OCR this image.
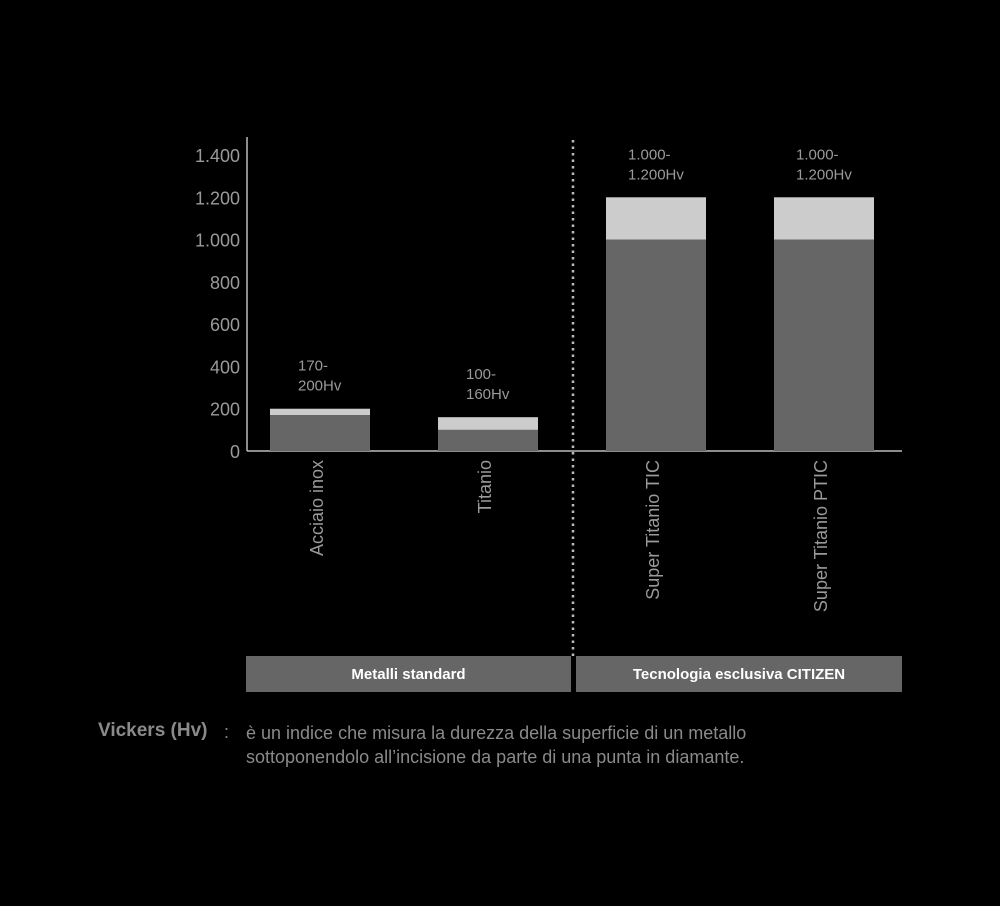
0
200
400
600
800
1.000
1.200
1.400
170-
200Hv
Acciaio inox
100-
160Hv
Titanio
1.000-
1.200Hv
Super Titanio TIC
1.000-
1.200Hv
Super Titanio PTIC
Metalli standard	Tecnologia esclusiva CITIZEN
Vickers (Hv) : è un indice che misura la durezza della superficie di un metallo
sottoponendolo all’incisione da parte di una punta in diamante.
